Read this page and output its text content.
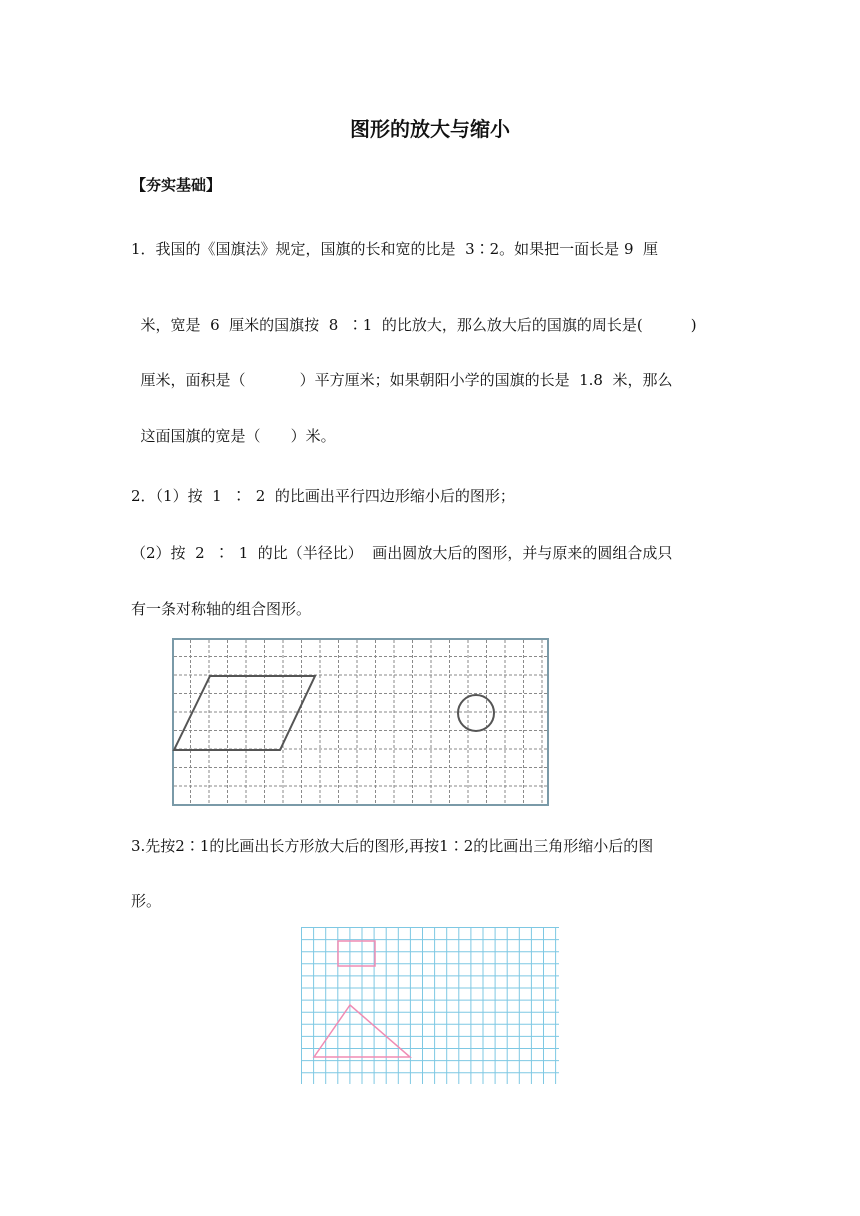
图形的放大与缩小
【夯实基础】
1．我国的《国旗法》规定，国旗的长和宽的比是  3∶2。如果把一面长是 9  厘

米，宽是  6  厘米的国旗按  8  ∶1  的比放大，那么放大后的国旗的周长是(	)

厘米，面积是（	）平方厘米；如果朝阳小学的国旗的长是  1.8  米，那么

这面国旗的宽是（ ）米。

2．（1）按  1  ∶  2  的比画出平行四边形缩小后的图形；
（2）按  2  ∶  1  的比（半径比）  画出圆放大后的图形，并与原来的圆组合成只
有一条对称轴的组合图形。
3.先按2∶1的比画出长方形放大后的图形,再按1∶2的比画出三角形缩小后的图
形。
